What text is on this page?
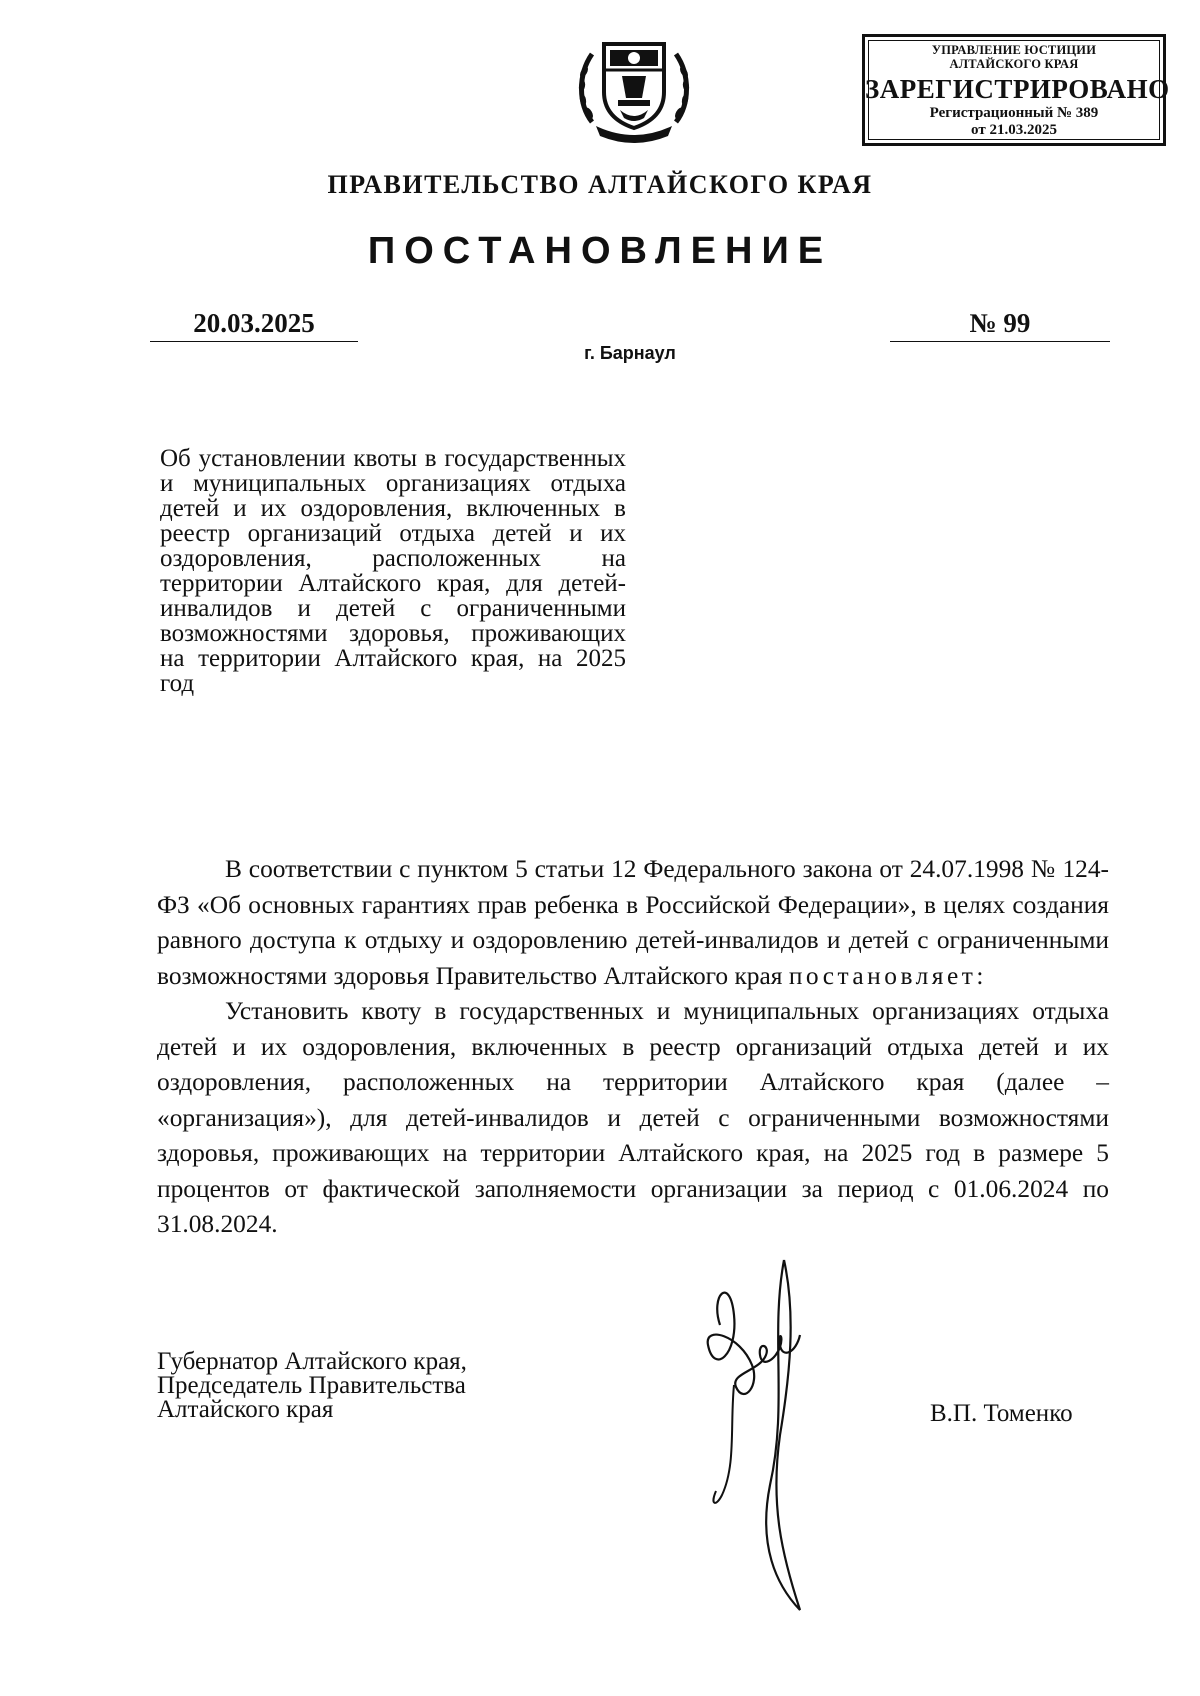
УПРАВЛЕНИЕ ЮСТИЦИИ
АЛТАЙСКОГО КРАЯ
ЗАРЕГИСТРИРОВАНО
Регистрационный № 389
от 21.03.2025
ПРАВИТЕЛЬСТВО АЛТАЙСКОГО КРАЯ
ПОСТАНОВЛЕНИЕ
20.03.2025	№ 99
г. Барнаул
Об установлении квоты в государственных и муниципальных организациях отдыха детей и их оздоровления, включенных в реестр организаций отдыха детей и их оздоровления, расположенных на территории Алтайского края, для детей-инвалидов и детей с ограниченными возможностями здоровья, проживающих на территории Алтайского края, на 2025 год

В соответствии с пунктом 5 статьи 12 Федерального закона от 24.07.1998 № 124-ФЗ «Об основных гарантиях прав ребенка в Российской Федерации», в целях создания равного доступа к отдыху и оздоровлению детей-инвалидов и детей с ограниченными возможностями здоровья Правительство Алтайского края постановляет:

Установить квоту в государственных и муниципальных организациях отдыха детей и их оздоровления, включенных в реестр организаций отдыха детей и их оздоровления, расположенных на территории Алтайского края (далее – «организация»), для детей-инвалидов и детей с ограниченными возможностями здоровья, проживающих на территории Алтайского края, на 2025 год в размере 5 процентов от фактической заполняемости организации за период с 01.06.2024 по 31.08.2024.

Губернатор Алтайского края,
Председатель Правительства
Алтайского края	В.П. Томенко
